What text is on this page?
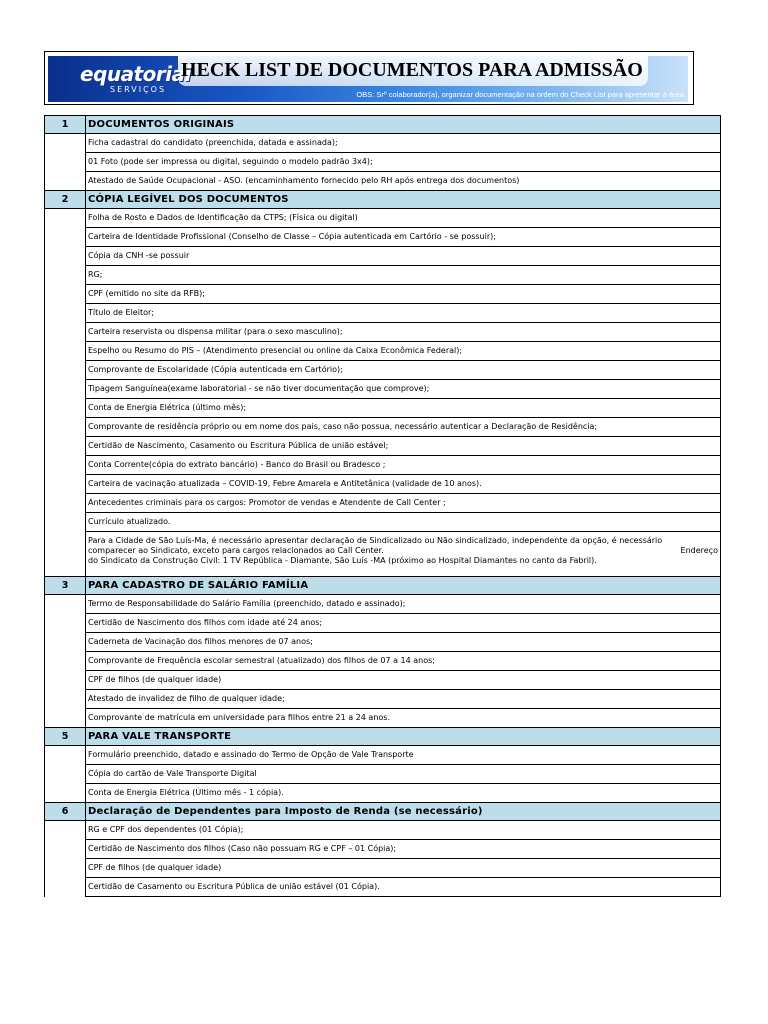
equatorial
SERVIÇOS
HECK LIST DE DOCUMENTOS PARA ADMISSÃO
OBS: Srº colaborador(a), organizar documentação na ordem do Check List para apresentar à área.
1	DOCUMENTOS ORIGINAIS
	Ficha cadastral do candidato (preenchida, datada e assinada);
	01 Foto (pode ser impressa ou digital, seguindo o modelo padrão 3x4);
	Atestado de Saúde Ocupacional - ASO. (encaminhamento fornecido pelo RH após entrega dos documentos)
2	CÓPIA LEGÍVEL DOS DOCUMENTOS
	Folha de Rosto e Dados de Identificação da CTPS; (Física ou digital)
	Carteira de Identidade Profissional (Conselho de Classe – Cópia autenticada em Cartório - se possuir);
	Cópia da CNH -se possuir
	RG;
	CPF (emitido no site da RFB);
	Título de Eleitor;
	Carteira reservista ou dispensa militar (para o sexo masculino);
	Espelho ou Resumo do PIS – (Atendimento presencial ou online da Caixa Econômica Federal);
	Comprovante de Escolaridade (Cópia autenticada em Cartório);
	Tipagem Sanguínea(exame laboratorial - se não tiver documentação que comprove);
	Conta de Energia Elétrica (último mês);
	Comprovante de residência próprio ou em nome dos pais, caso não possua, necessário autenticar a Declaração de Residência;
	Certidão de Nascimento, Casamento ou Escritura Pública de união estável;
	Conta Corrente(cópia do extrato bancário) - Banco do Brasil ou Bradesco ;
	Carteira de vacinação atualizada – COVID-19, Febre Amarela e Antitetânica (validade de 10 anos).
	Antecedentes criminais para os cargos: Promotor de vendas e Atendente de Call Center ;
	Currículo atualizado.

	Para a Cidade de São Luís-Ma, é necessário apresentar declaração de Sindicalizado ou Não sindicalizado, independente da opção, é necessário
comparecer ao Sindicato, exceto para cargos relacionados ao Call Center. Endereço
do Sindicato da Construção Civil: 1 TV República - Diamante, São Luís -MA (próximo ao Hospital Diamantes no canto da Fabril).

3	PARA CADASTRO DE SALÁRIO FAMÍLIA
	Termo de Responsabilidade do Salário Família (preenchido, datado e assinado);
	Certidão de Nascimento dos filhos com idade até 24 anos;
	Caderneta de Vacinação dos filhos menores de 07 anos;
	Comprovante de Frequência escolar semestral (atualizado) dos filhos de 07 a 14 anos;
	CPF de filhos (de qualquer idade)
	Atestado de invalidez de filho de qualquer idade;
	Comprovante de matrícula em universidade para filhos entre 21 a 24 anos.
5	PARA VALE TRANSPORTE
	Formulário preenchido, datado e assinado do Termo de Opção de Vale Transporte
	Cópia do cartão de Vale Transporte Digital
	Conta de Energia Elétrica (Último mês - 1 cópia).
6	Declaração de Dependentes para Imposto de Renda (se necessário)
	RG e CPF dos dependentes (01 Cópia);
	Certidão de Nascimento dos filhos (Caso não possuam RG e CPF – 01 Cópia);
	CPF de filhos (de qualquer idade)
	Certidão de Casamento ou Escritura Pública de união estável (01 Cópia).
